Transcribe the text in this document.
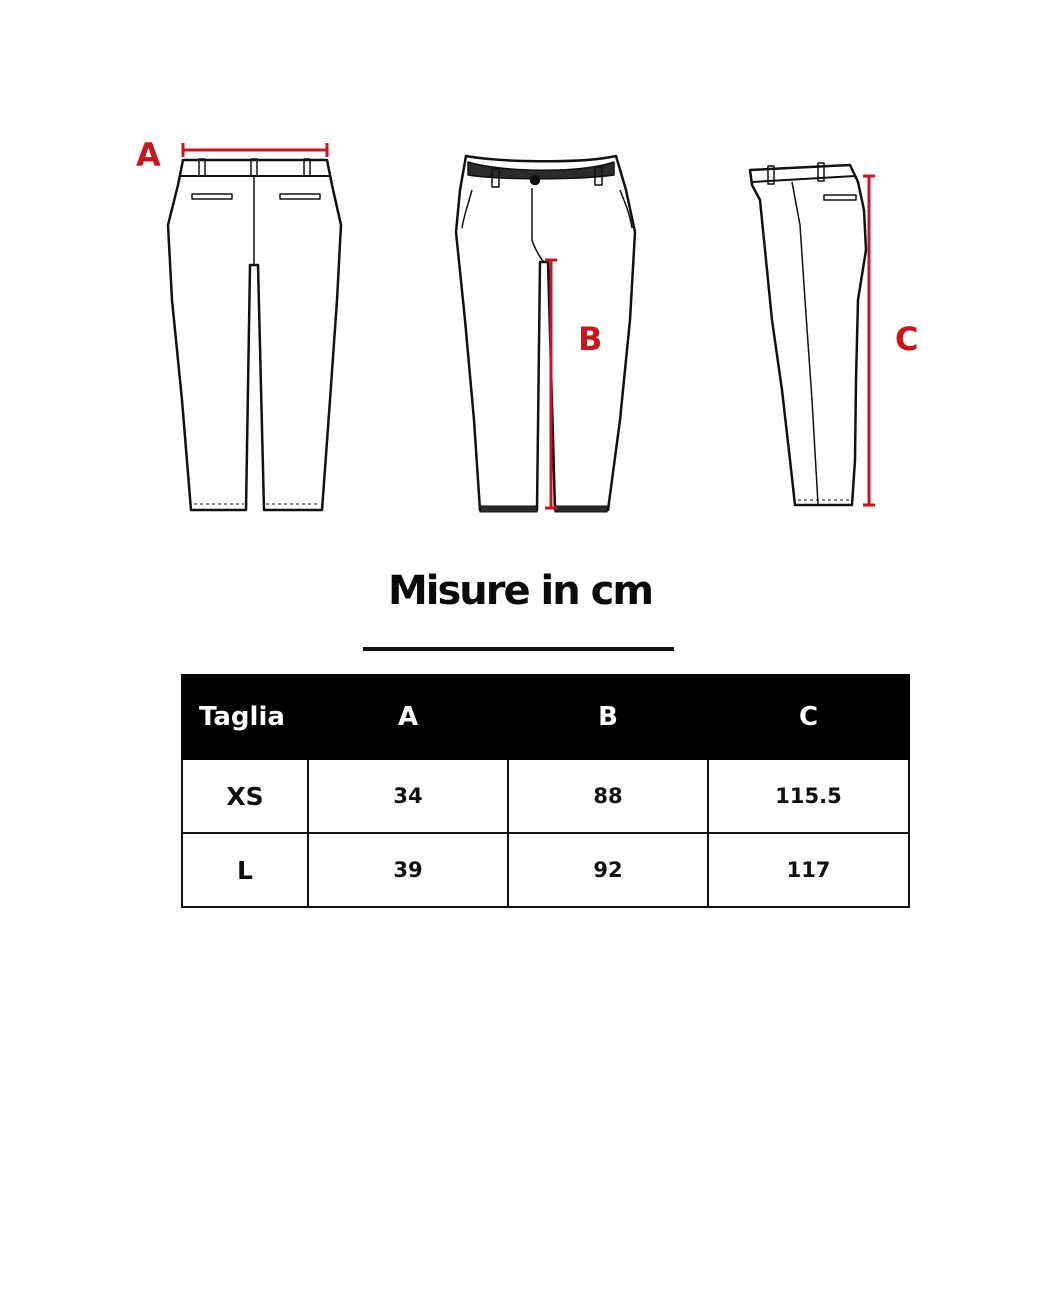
A
B	C
Misure in cm
Taglia	A	B	C
XS	34	88	115.5
L	39	92	117
